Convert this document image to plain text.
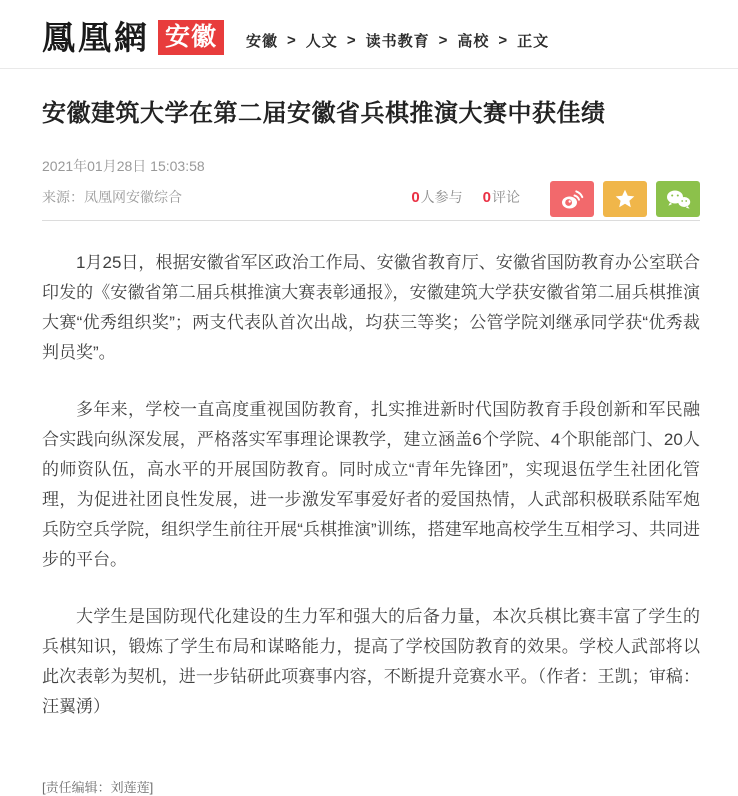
鳳凰網 安徽	安徽 > 人文 > 读书教育 > 高校 > 正文
安徽建筑大学在第二届安徽省兵棋推演大赛中获佳绩
2021年01月28日 15:03:58
来源：凤凰网安徽综合	0人参与 0评论

1月25日，根据安徽省军区政治工作局、安徽省教育厅、安徽省国防教育办公室联合印发的《安徽省第二届兵棋推演大赛表彰通报》，安徽建筑大学获安徽省第二届兵棋推演大赛“优秀组织奖”；两支代表队首次出战，均获三等奖；公管学院刘继承同学获“优秀裁判员奖”。

多年来，学校一直高度重视国防教育，扎实推进新时代国防教育手段创新和军民融合实践向纵深发展，严格落实军事理论课教学，建立涵盖6个学院、4个职能部门、20人的师资队伍，高水平的开展国防教育。同时成立“青年先锋团”，实现退伍学生社团化管理，为促进社团良性发展，进一步激发军事爱好者的爱国热情，人武部积极联系陆军炮兵防空兵学院，组织学生前往开展“兵棋推演”训练，搭建军地高校学生互相学习、共同进步的平台。

大学生是国防现代化建设的生力军和强大的后备力量，本次兵棋比赛丰富了学生的兵棋知识，锻炼了学生布局和谋略能力，提高了学校国防教育的效果。学校人武部将以此次表彰为契机，进一步钻研此项赛事内容，不断提升竞赛水平。（作者：王凯；审稿：汪翼湧）

[责任编辑：刘莲莲]
